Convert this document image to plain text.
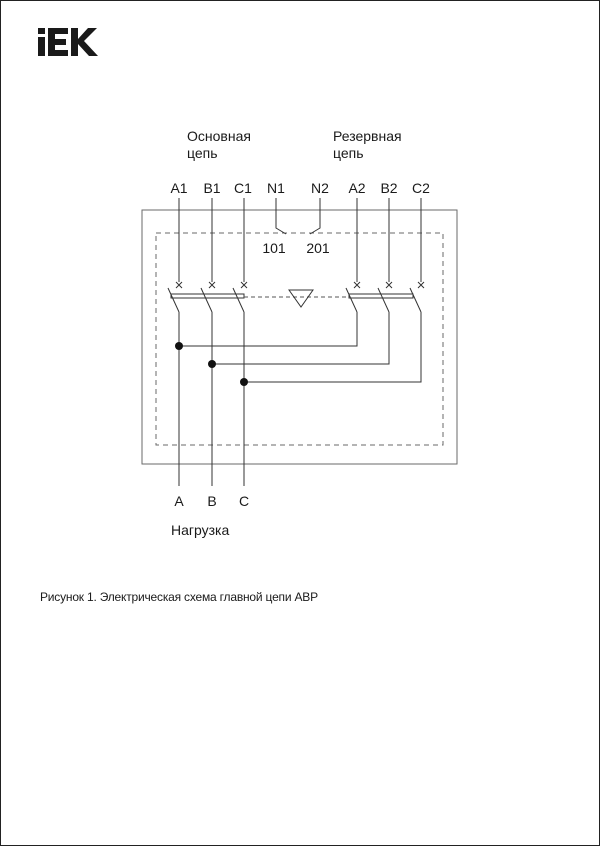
Основная
цепь
Резервная
цепь
A1 B1 C1 N1 N2 A2 B2 C2
101 201
A B C
Нагрузка
Рисунок 1. Электрическая схема главной цепи АВР
